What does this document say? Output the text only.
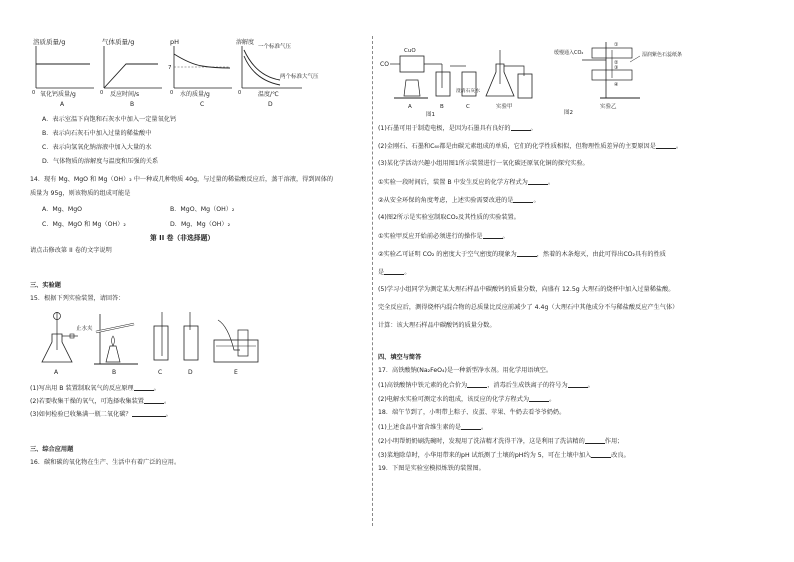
溶质质量/g
0 氧化钙质量/g
A
气体质量/g
0 反应时间/s
B
pH
7
0 水的质量/g
C
溶解度
一个标准气压
两个标准大气压
0	温度/℃
D
A．表示室温下向饱和石灰水中加入一定量氧化钙
B．表示向石灰石中加入过量的稀盐酸中
C．表示向氢氧化钠溶液中加入大量的水
D．气体物质的溶解度与温度和压强的关系
14．现有 Mg、MgO 和 Mg（OH）₂ 中一种或几种物质 40g，与过量的稀盐酸反应后，蒸干溶液，得到固体的
质量为 95g，则该物质的组成可能是
A．Mg、MgO	B．MgO、Mg（OH）₂
C．Mg、MgO 和 Mg（OH）₂	D．Mg、Mg（OH）₂
第 II 卷（非选择题）
请点击修改第 II 卷的文字说明
三、实验题
15．根据下列实验装置，请回答：
止水夹
A	B	C	D	E
(1)写出用 B 装置制取氧气的反应原理	。
(2)若要收集干燥的氧气，可选择收集装置	。
(3)如何检验已收集满一瓶二氧化碳？	。
三、综合应用题
16．碳和碳的氧化物在生产、生活中有着广泛的应用。
CO
CuO
A	B
澄清石灰水
C
图1
实验甲
缓慢通入CO₂
①
②
③
④
湿润紫色石蕊纸条
实验乙
图2
(1)石墨可用于制造电极，是因为石墨具有良好的	。
(2)金刚石、石墨和C₆₀都是由碳元素组成的单质，它们的化学性质相似，但物理性质差异的主要原因是	。
(3)某化学活动兴趣小组用图1所示装置进行一氧化碳还原氧化铜的探究实验。
①实验一段时间后，装置 B 中发生反应的化学方程式为	。
②从安全环保的角度考虑，上述实验需要改进的是	。
(4)图2所示是实验室制取CO₂及其性质的实验装置。
①实验甲反应开始前必须进行的操作是	。
②实验乙可证明 CO₂ 的密度大于空气密度的现象为	，然着的木条熄灭，由此可得出CO₂具有的性质
是	。
(5)学习小组同学为测定某大理石样品中碳酸钙的质量分数，向盛有 12.5g 大理石的烧杯中加入过量稀盐酸。
完全反应后，测得烧杯内混合物的总质量比反应前减少了 4.4g（大理石中其他成分不与稀盐酸反应产生气体）
计算：该大理石样品中碳酸钙的质量分数。
四、填空与简答
17．高铁酸钠(Na₂FeO₄)是一种新型净水剂。用化学用语填空。
(1)高铁酸钠中铁元素的化合价为	，消毒后生成铁离子的符号为	。
(2)电解水实验可测定水的组成，该反应的化学方程式为	。
18．端午节到了，小明带上粽子、皮蛋、苹果、牛奶去看爷爷奶奶。
(1)上述食品中富含维生素的是	。
(2)小明帮奶奶刷洗碗时，发现用了洗洁精才洗得干净，这是利用了洗洁精的	作用；
(3)菜地除草时，小华用带来的pH 试纸测了土壤的pH约为 5，可在土壤中加入	改良。
19．下图是实验室模拟炼铁的装置图。
